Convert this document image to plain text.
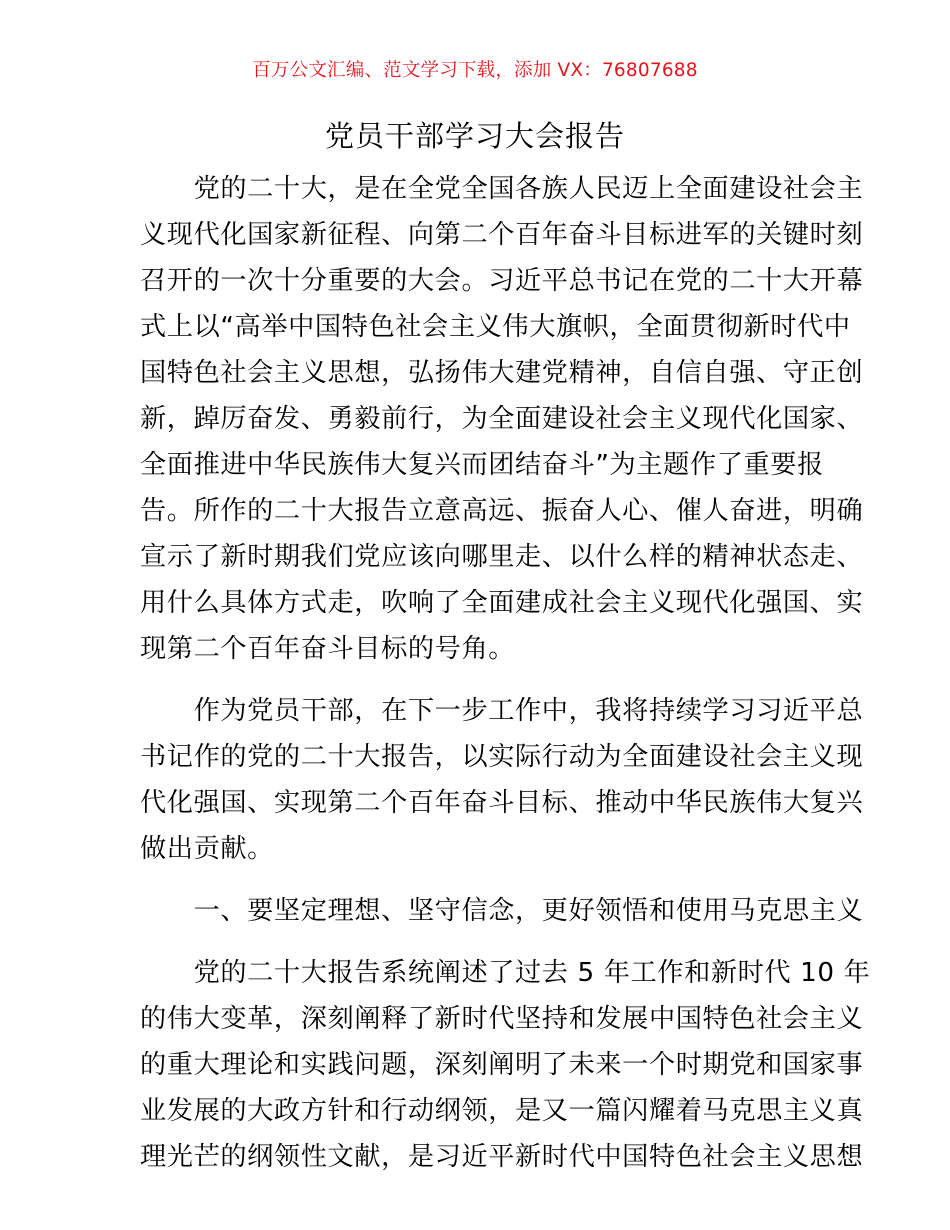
百万公文汇编、范文学习下载，添加 VX：76807688
党员干部学习大会报告
　　党的二十大，是在全党全国各族人民迈上全面建设社会主
义现代化国家新征程、向第二个百年奋斗目标进军的关键时刻
召开的一次十分重要的大会。习近平总书记在党的二十大开幕
式上以“高举中国特色社会主义伟大旗帜，全面贯彻新时代中
国特色社会主义思想，弘扬伟大建党精神，自信自强、守正创
新，踔厉奋发、勇毅前行，为全面建设社会主义现代化国家、
全面推进中华民族伟大复兴而团结奋斗”为主题作了重要报
告。所作的二十大报告立意高远、振奋人心、催人奋进，明确
宣示了新时期我们党应该向哪里走、以什么样的精神状态走、
用什么具体方式走，吹响了全面建成社会主义现代化强国、实
现第二个百年奋斗目标的号角。
　　作为党员干部，在下一步工作中，我将持续学习习近平总
书记作的党的二十大报告，以实际行动为全面建设社会主义现
代化强国、实现第二个百年奋斗目标、推动中华民族伟大复兴
做出贡献。
　　一、要坚定理想、坚守信念，更好领悟和使用马克思主义
　　党的二十大报告系统阐述了过去 5 年工作和新时代 10 年
的伟大变革，深刻阐释了新时代坚持和发展中国特色社会主义
的重大理论和实践问题，深刻阐明了未来一个时期党和国家事
业发展的大政方针和行动纲领，是又一篇闪耀着马克思主义真
理光芒的纲领性文献，是习近平新时代中国特色社会主义思想
